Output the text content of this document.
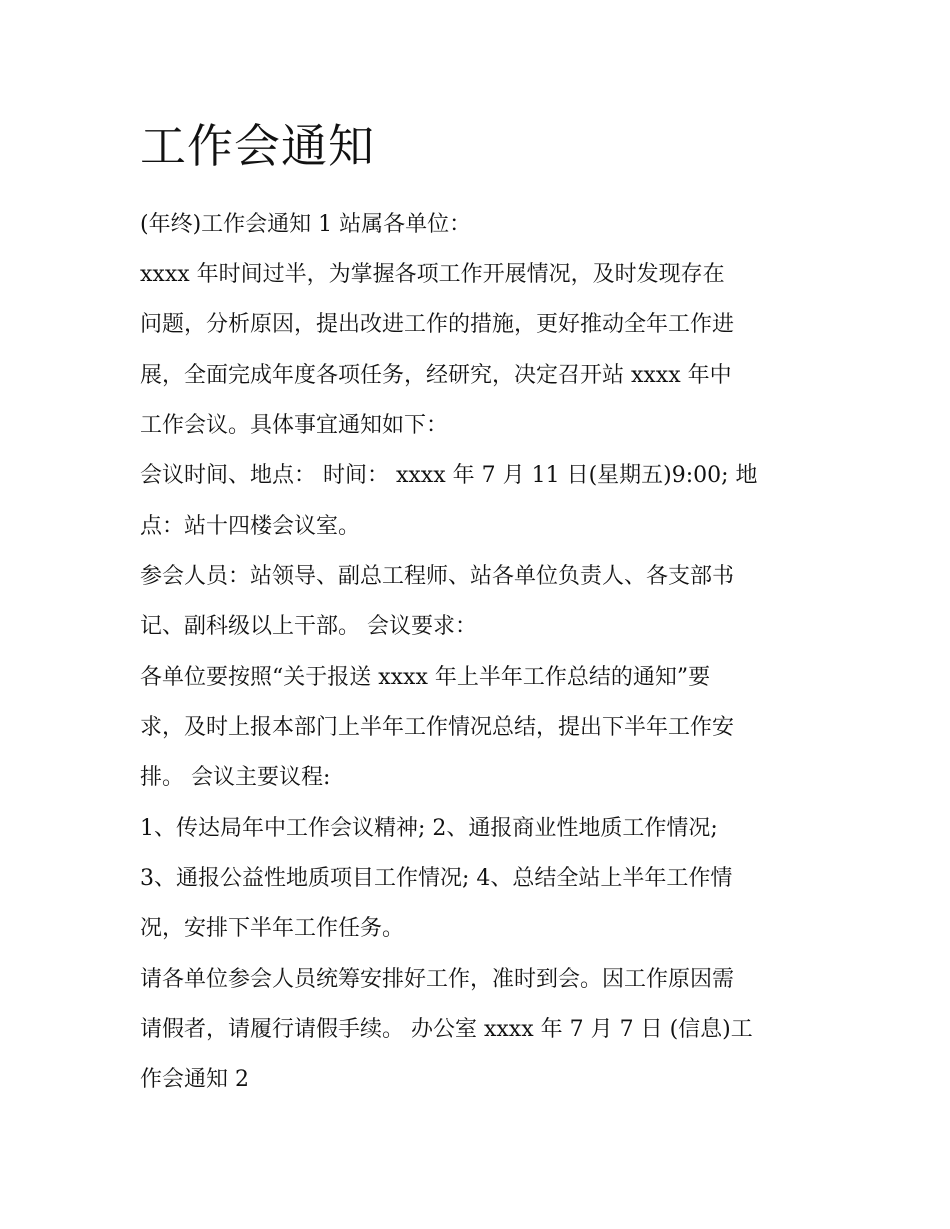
工作会通知

(年终)工作会通知 1 站属各单位：

xxxx 年时间过半，为掌握各项工作开展情况，及时发现存在

问题，分析原因，提出改进工作的措施，更好推动全年工作进

展，全面完成年度各项任务，经研究，决定召开站 xxxx 年中

工作会议。具体事宜通知如下：

会议时间、地点： 时间： xxxx 年 7 月 11 日(星期五)9:00; 地

点：站十四楼会议室。

参会人员：站领导、副总工程师、站各单位负责人、各支部书

记、副科级以上干部。 会议要求：

各单位要按照“关于报送 xxxx 年上半年工作总结的通知”要

求，及时上报本部门上半年工作情况总结，提出下半年工作安

排。 会议主要议程:

1、传达局年中工作会议精神; 2、通报商业性地质工作情况;

3、通报公益性地质项目工作情况; 4、总结全站上半年工作情

况，安排下半年工作任务。

请各单位参会人员统筹安排好工作，准时到会。因工作原因需

请假者，请履行请假手续。 办公室 xxxx 年 7 月 7 日 (信息)工

作会通知 2
